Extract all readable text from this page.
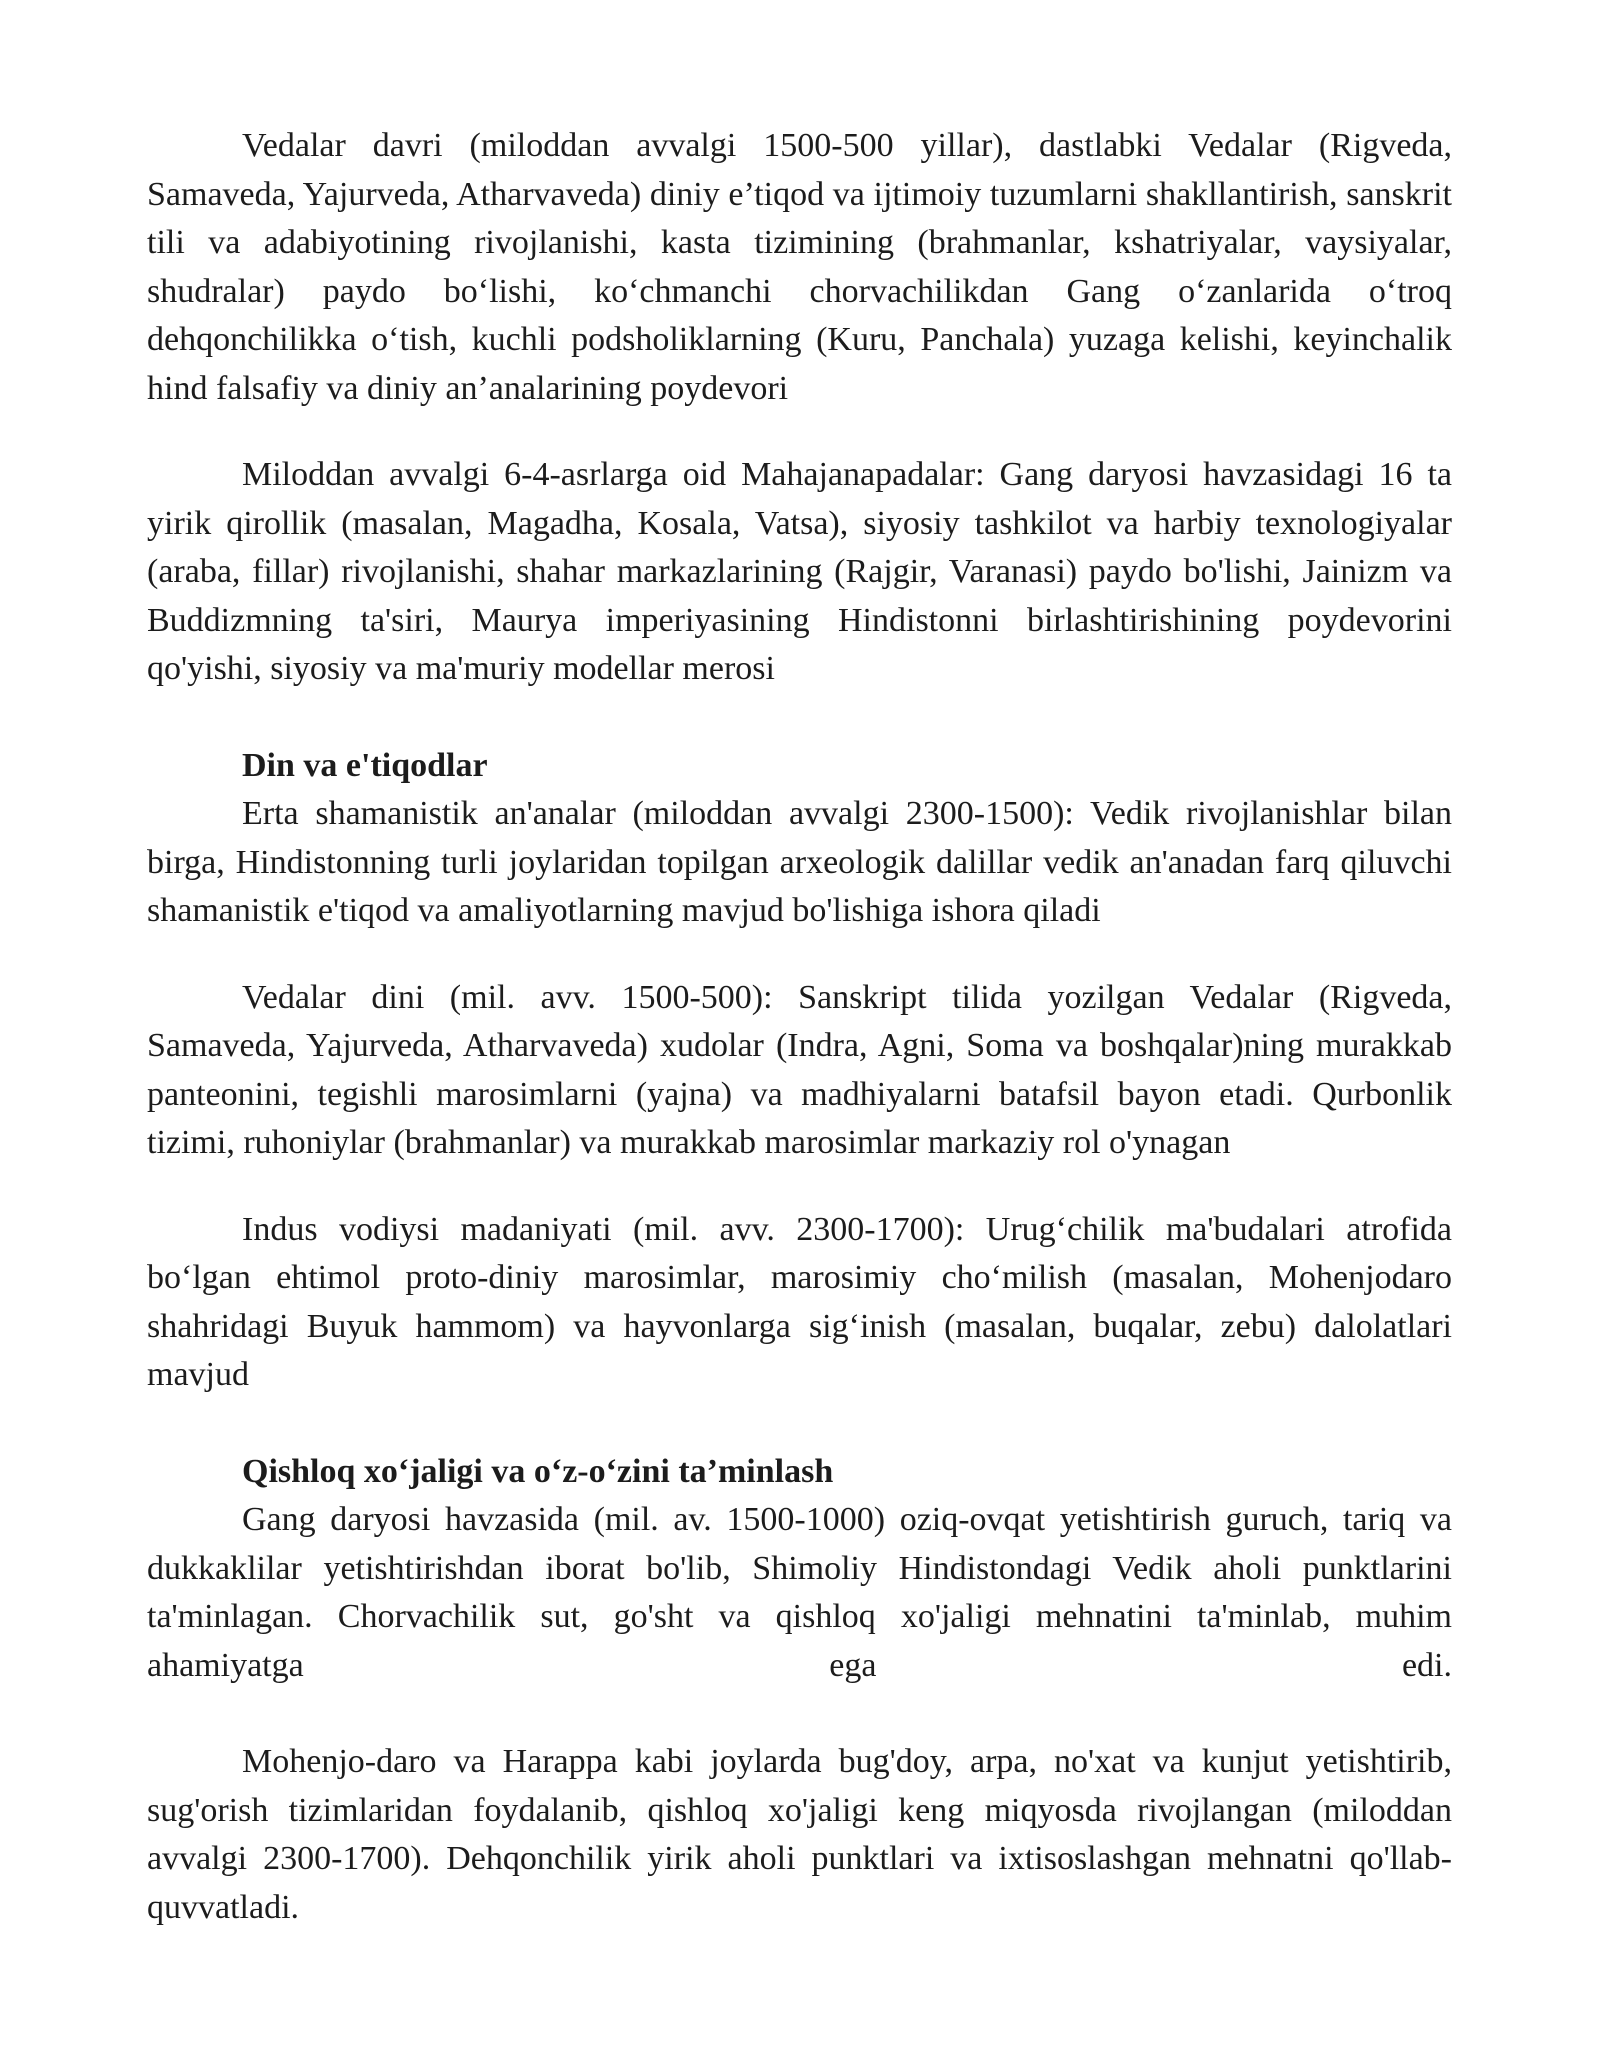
Vedalar davri (miloddan avvalgi 1500-500 yillar), dastlabki Vedalar (Rigveda, Samaveda, Yajurveda, Atharvaveda) diniy e’tiqod va ijtimoiy tuzumlarni shakllantirish, sanskrit tili va adabiyotining rivojlanishi, kasta tizimining (brahmanlar, kshatriyalar, vaysiyalar, shudralar) paydo bo‘lishi, ko‘chmanchi chorvachilikdan Gang o‘zanlarida o‘troq dehqonchilikka o‘tish, kuchli podsholiklarning (Kuru, Panchala) yuzaga kelishi, keyinchalik hind falsafiy va diniy an’analarining poydevori

Miloddan avvalgi 6-4-asrlarga oid Mahajanapadalar: Gang daryosi havzasidagi 16 ta yirik qirollik (masalan, Magadha, Kosala, Vatsa), siyosiy tashkilot va harbiy texnologiyalar (araba, fillar) rivojlanishi, shahar markazlarining (Rajgir, Varanasi) paydo bo'lishi, Jainizm va Buddizmning ta'siri, Maurya imperiyasining Hindistonni birlashtirishining poydevorini qo'yishi, siyosiy va ma'muriy modellar merosi

Din va e'tiqodlar

Erta shamanistik an'analar (miloddan avvalgi 2300-1500): Vedik rivojlanishlar bilan birga, Hindistonning turli joylaridan topilgan arxeologik dalillar vedik an'anadan farq qiluvchi shamanistik e'tiqod va amaliyotlarning mavjud bo'lishiga ishora qiladi

Vedalar dini (mil. avv. 1500-500): Sanskript tilida yozilgan Vedalar (Rigveda, Samaveda, Yajurveda, Atharvaveda) xudolar (Indra, Agni, Soma va boshqalar)ning murakkab panteonini, tegishli marosimlarni (yajna) va madhiyalarni batafsil bayon etadi. Qurbonlik tizimi, ruhoniylar (brahmanlar) va murakkab marosimlar markaziy rol o'ynagan

Indus vodiysi madaniyati (mil. avv. 2300-1700): Urug‘chilik ma'budalari atrofida bo‘lgan ehtimol proto-diniy marosimlar, marosimiy cho‘milish (masalan, Mohenjodaro shahridagi Buyuk hammom) va hayvonlarga sig‘inish (masalan, buqalar, zebu) dalolatlari mavjud

Qishloq xo‘jaligi va o‘z-o‘zini ta’minlash

Gang daryosi havzasida (mil. av. 1500-1000) oziq-ovqat yetishtirish guruch, tariq va dukkaklilar yetishtirishdan iborat bo'lib, Shimoliy Hindistondagi Vedik aholi punktlarini ta'minlagan. Chorvachilik sut, go'sht va qishloq xo'jaligi mehnatini ta'minlab, muhim ahamiyatga ega edi.

Mohenjo-daro va Harappa kabi joylarda bug'doy, arpa, no'xat va kunjut yetishtirib, sug'orish tizimlaridan foydalanib, qishloq xo'jaligi keng miqyosda rivojlangan (miloddan avvalgi 2300-1700). Dehqonchilik yirik aholi punktlari va ixtisoslashgan mehnatni qo'llab-quvvatladi.
